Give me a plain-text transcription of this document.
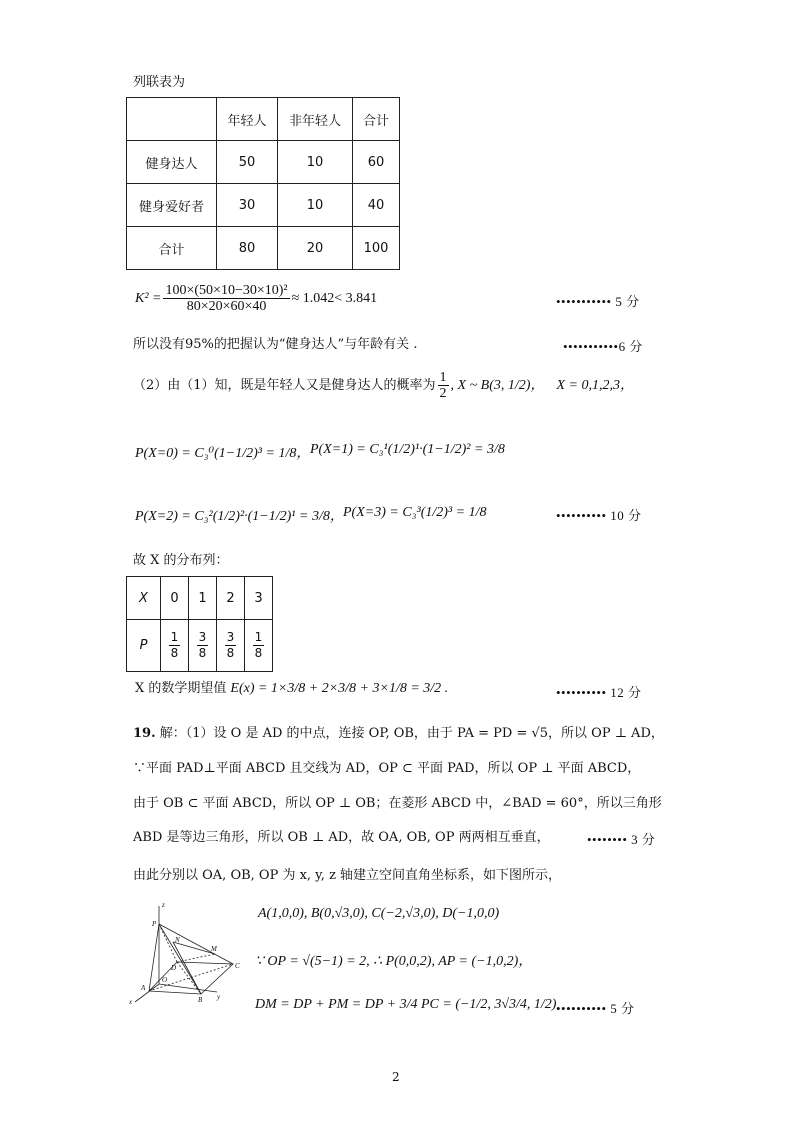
列联表为
	年轻人	非年轻人	合计
健身达人	50	10	60
健身爱好者	30	10	40
合计	80	20	100
$K^2 = \frac{\text{100×(50×10−30×10)²}}{80\times 20\times 60\times 40} \approx 1.042< 3.841$	••••••••••• 5 分
所以没有95%的把握认为“健身达人”与年龄有关 .	•••••••••••6 分
（2）由（1）知，既是年轻人又是健身达人的概率为 $\frac{1}{2}$ , X ~ B(3, 1/2)， X = 0,1,2,3，
P(X=0) = C₃⁰(1−1/2)³ = 1/8， P(X=1) = C₃¹(1/2)¹·(1−1/2)² = 3/8
P(X=2) = C₃²(1/2)²·(1−1/2)¹ = 3/8， P(X=3) = C₃³(1/2)³ = 1/8	•••••••••• 10 分
故 X 的分布列：
X	0	1	2	3
P	$\frac{1}{8}$	$\frac{3}{8}$	$\frac{3}{8}$	$\frac{1}{8}$
X 的数学期望值 E(x) = 1×3/8 + 2×3/8 + 3×1/8 = 3/2 .	•••••••••• 12 分
19. 解：（1）设 O 是 AD 的中点，连接 OP, OB，由于 PA = PD = √5，所以 OP ⊥ AD，
∵平面 PAD⊥平面 ABCD 且交线为 AD，OP ⊂ 平面 PAD，所以 OP ⊥ 平面 ABCD，
由于 OB ⊂ 平面 ABCD，所以 OP ⊥ OB；在菱形 ABCD 中，∠BAD = 60°，所以三角形
ABD 是等边三角形，所以 OB ⊥ AD，故 OA, OB, OP 两两相互垂直，	•••••••• 3 分
由此分别以 OA, OB, OP 为 x, y, z 轴建立空间直角坐标系，如下图所示，
z
P
N
M
D
O
A
B
C
x
y
A(1,0,0), B(0,√3,0), C(−2,√3,0), D(−1,0,0)
∵ OP = √(5−1) = 2, ∴ P(0,0,2), AP = (−1,0,2)，
DM = DP + PM = DP + 3/4 PC = (−1/2, 3√3/4, 1/2) •••••••••• 5 分
2
